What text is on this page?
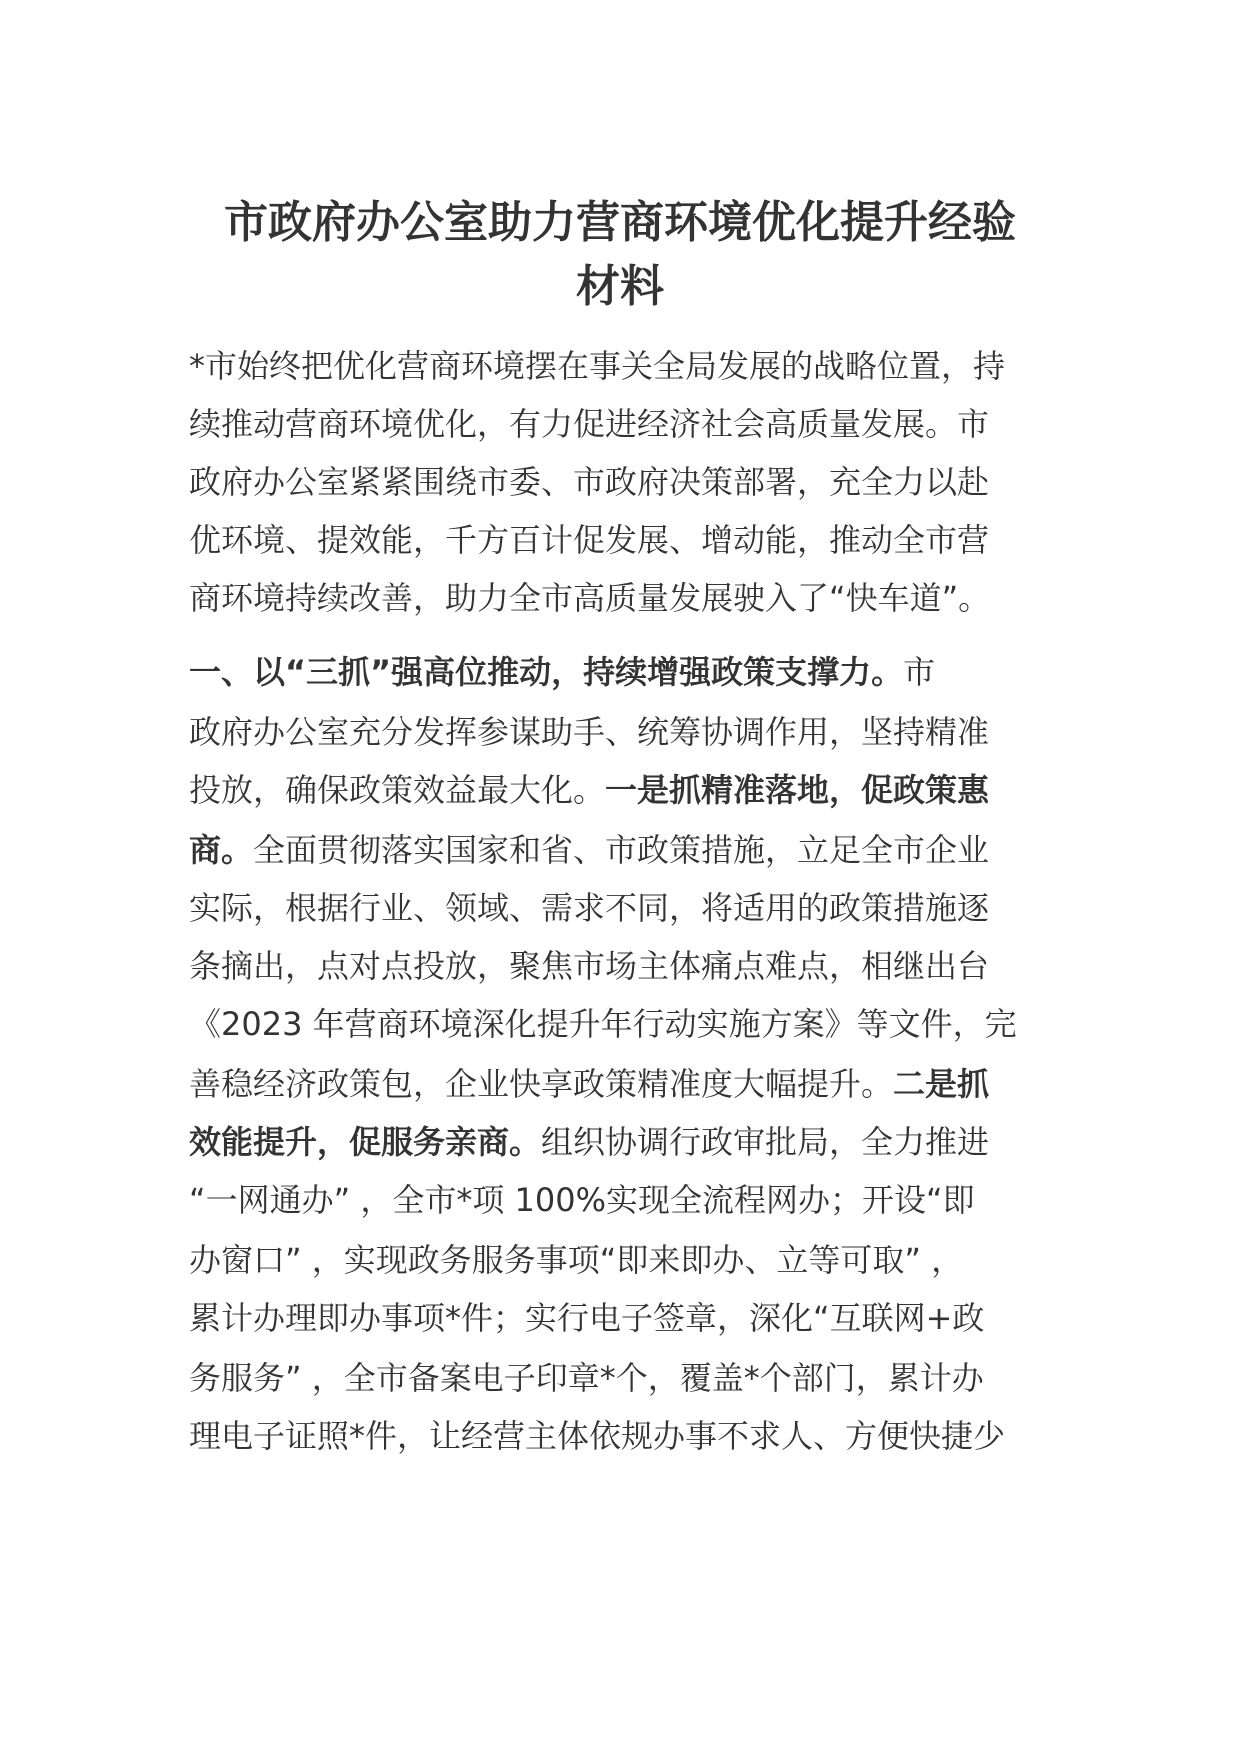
市政府办公室助力营商环境优化提升经验
材料

*市始终把优化营商环境摆在事关全局发展的战略位置，持

续推动营商环境优化，有力促进经济社会高质量发展。市

政府办公室紧紧围绕市委、市政府决策部署，充全力以赴

优环境、提效能，千方百计促发展、增动能，推动全市营

商环境持续改善，助力全市高质量发展驶入了“快车道”。

一、以“三抓”强高位推动，持续增强政策支撑力。市

政府办公室充分发挥参谋助手、统筹协调作用，坚持精准

投放，确保政策效益最大化。一是抓精准落地，促政策惠

商。全面贯彻落实国家和省、市政策措施，立足全市企业

实际，根据行业、领域、需求不同，将适用的政策措施逐

条摘出，点对点投放，聚焦市场主体痛点难点，相继出台

《2023 年营商环境深化提升年行动实施方案》等文件，完

善稳经济政策包，企业快享政策精准度大幅提升。二是抓

效能提升，促服务亲商。组织协调行政审批局，全力推进

“一网通办” ，全市*项 100%实现全流程网办；开设“即

办窗口” ，实现政务服务事项“即来即办、立等可取” ，

累计办理即办事项*件；实行电子签章，深化“互联网+政

务服务” ，全市备案电子印章*个，覆盖*个部门，累计办

理电子证照*件，让经营主体依规办事不求人、方便快捷少
